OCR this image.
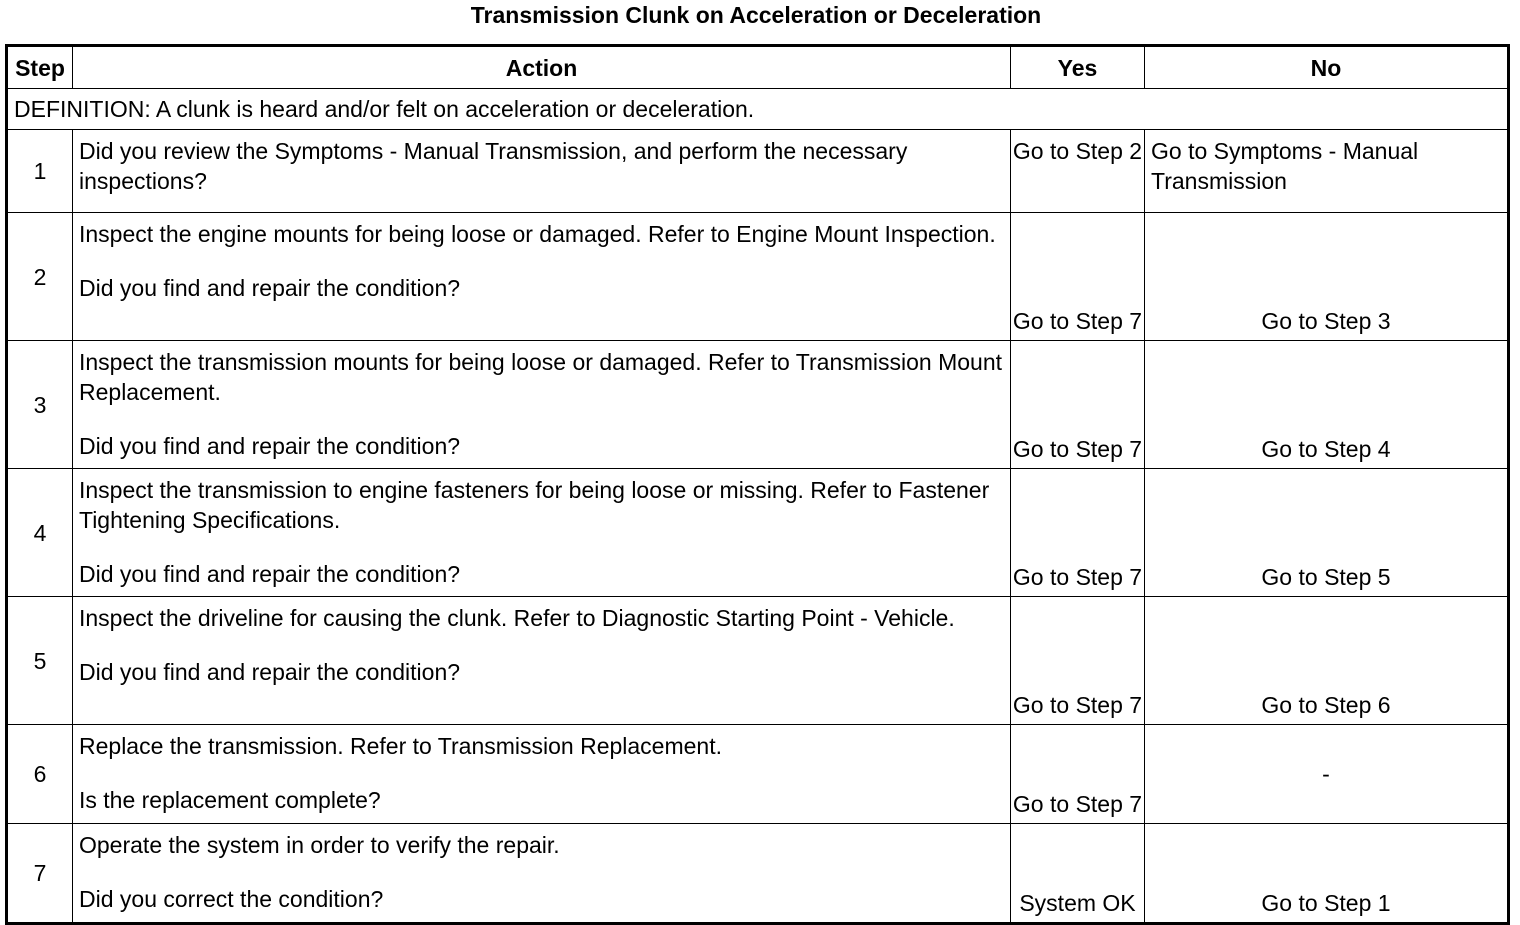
Transmission Clunk on Acceleration or Deceleration
Step	Action	Yes	No
DEFINITION: A clunk is heard and/or felt on acceleration or deceleration.			
1	Did you review the Symptoms - Manual Transmission, and perform the necessary inspections?	Go to Step 2	Go to Symptoms - Manual Transmission
2	Inspect the engine mounts for being loose or damaged. Refer to Engine Mount Inspection.
Did you find and repair the condition?	Go to Step 7	Go to Step 3
3	Inspect the transmission mounts for being loose or damaged. Refer to Transmission Mount Replacement.
Did you find and repair the condition?	Go to Step 7	Go to Step 4
4	Inspect the transmission to engine fasteners for being loose or missing. Refer to Fastener Tightening Specifications.
Did you find and repair the condition?	Go to Step 7	Go to Step 5
5	Inspect the driveline for causing the clunk. Refer to Diagnostic Starting Point - Vehicle.
Did you find and repair the condition?	Go to Step 7	Go to Step 6
6	Replace the transmission. Refer to Transmission Replacement.
Is the replacement complete?	Go to Step 7	-
7	Operate the system in order to verify the repair.
Did you correct the condition?	System OK	Go to Step 1
